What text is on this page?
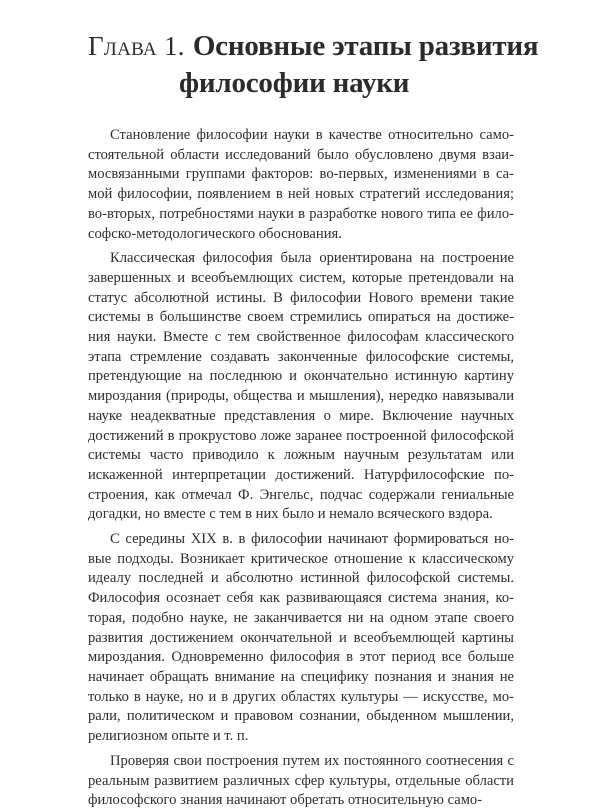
Глава 1. Основные этапы развития
философии науки

Становление философии науки в качестве относительно самостоятельной области исследований было обусловлено двумя взаимосвязанными группами факторов: во-первых, изменениями в самой философии, появлением в ней новых стратегий исследования; во-вторых, потребностями науки в разработке нового типа ее философско-методологического обоснования.

Классическая философия была ориентирована на построение завершенных и всеобъемлющих систем, которые претендовали на статус абсолютной истины. В философии Нового времени такие системы в большинстве своем стремились опираться на достижения науки. Вместе с тем свойственное философам классического этапа стремление создавать законченные философские системы, претендующие на последнюю и окончательно истинную картину мироздания (природы, общества и мышления), нередко навязывали науке неадекватные представления о мире. Включение научных достижений в прокрустово ложе заранее построенной философской системы часто приводило к ложным научным результатам или искаженной интерпретации достижений. Натурфилософские построения, как отмечал Ф. Энгельс, подчас содержали гениальные догадки, но вместе с тем в них было и немало всяческого вздора.

С середины XIX в. в философии начинают формироваться новые подходы. Возникает критическое отношение к классическому идеалу последней и абсолютно истинной философской системы. Философия осознает себя как развивающаяся система знания, которая, подобно науке, не заканчивается ни на одном этапе своего развития достижением окончательной и всеобъемлющей картины мироздания. Одновременно философия в этот период все больше начинает обращать внимание на специфику познания и знания не только в науке, но и в других областях культуры — искусстве, морали, политическом и правовом сознании, обыденном мышлении, религиозном опыте и т. п.

Проверяя свои построения путем их постоянного соотнесения с реальным развитием различных сфер культуры, отдельные области философского знания начинают обретать относительную само-
